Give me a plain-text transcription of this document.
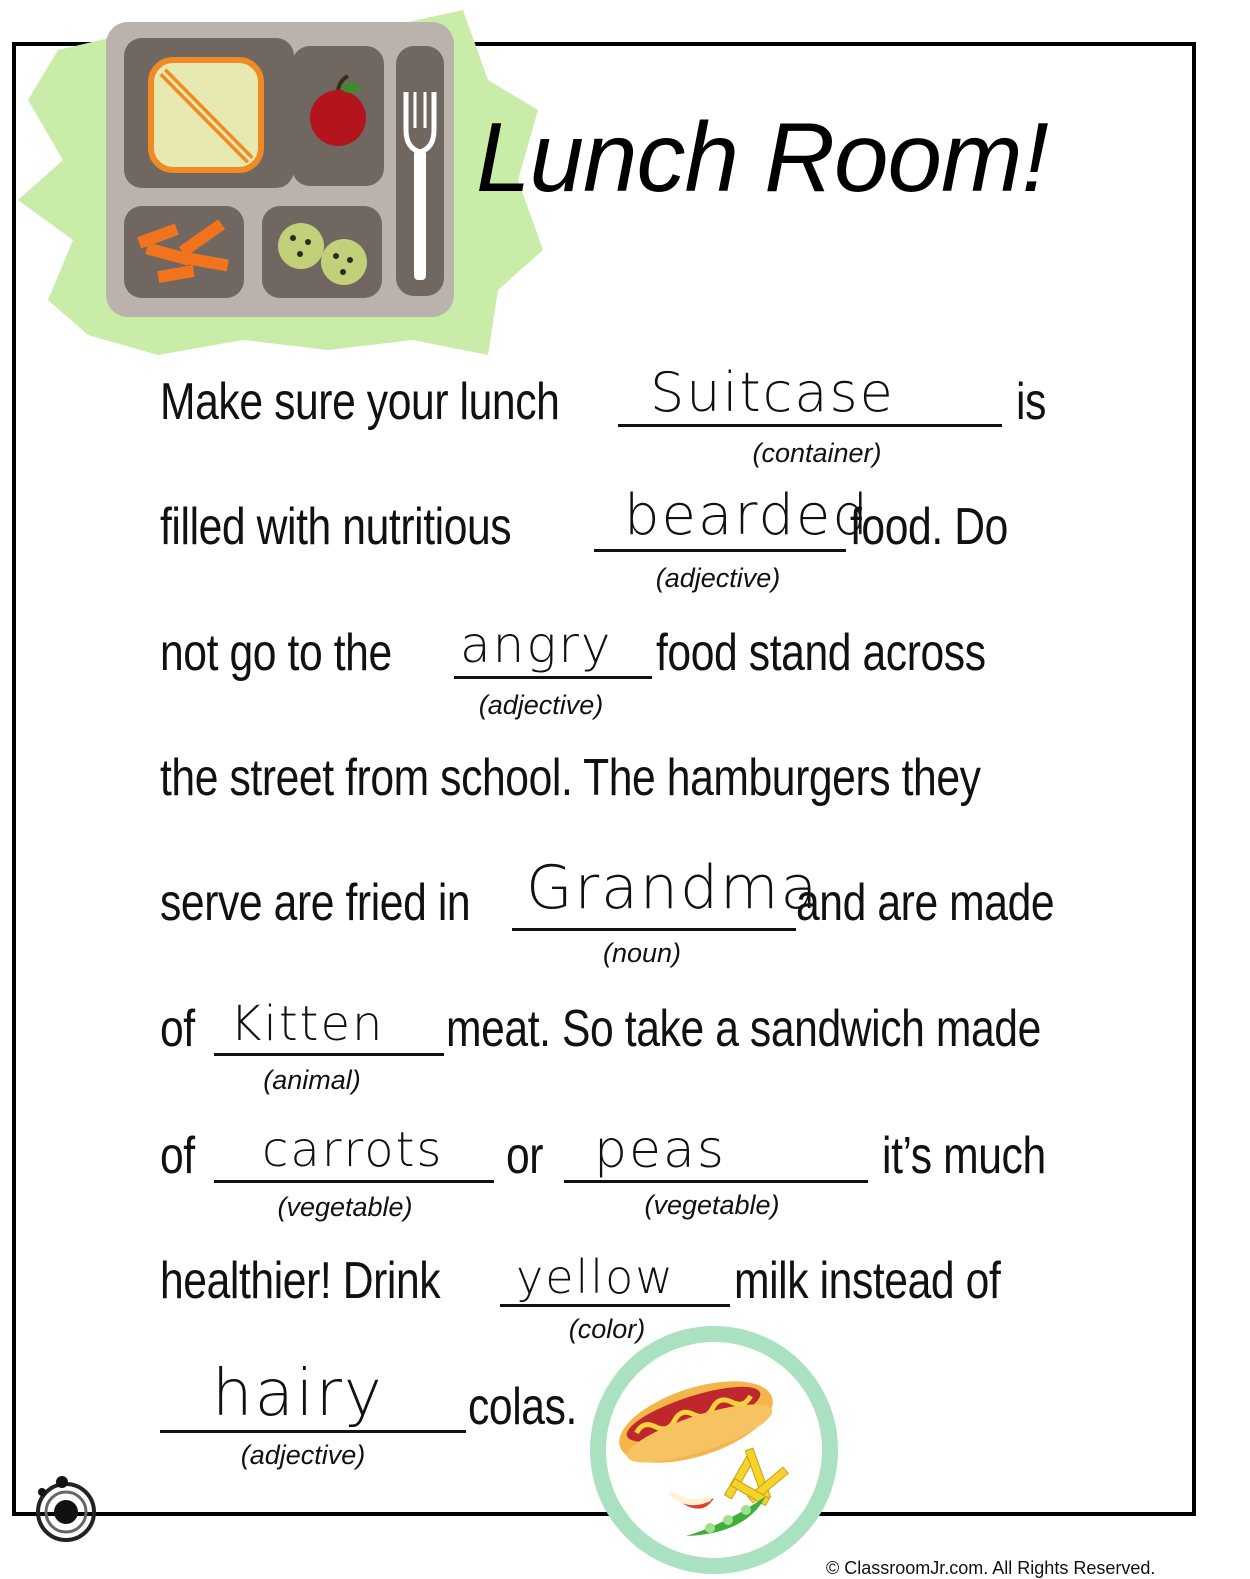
Lunch Room!
Make sure your lunch Suitcase
(container)
is
filled with nutritious bearded
(adjective)
food. Do
not go to the angry
(adjective)
food stand across
the street from school. The hamburgers they
serve are fried in Grandma
(noun)
and are made
of Kitten
(animal)
meat. So take a sandwich made
of carrots
(vegetable)
or peas
(vegetable)
it’s much
healthier! Drink yellow
(color)
milk instead of
hairy
(adjective)
colas.
© ClassroomJr.com. All Rights Reserved.
